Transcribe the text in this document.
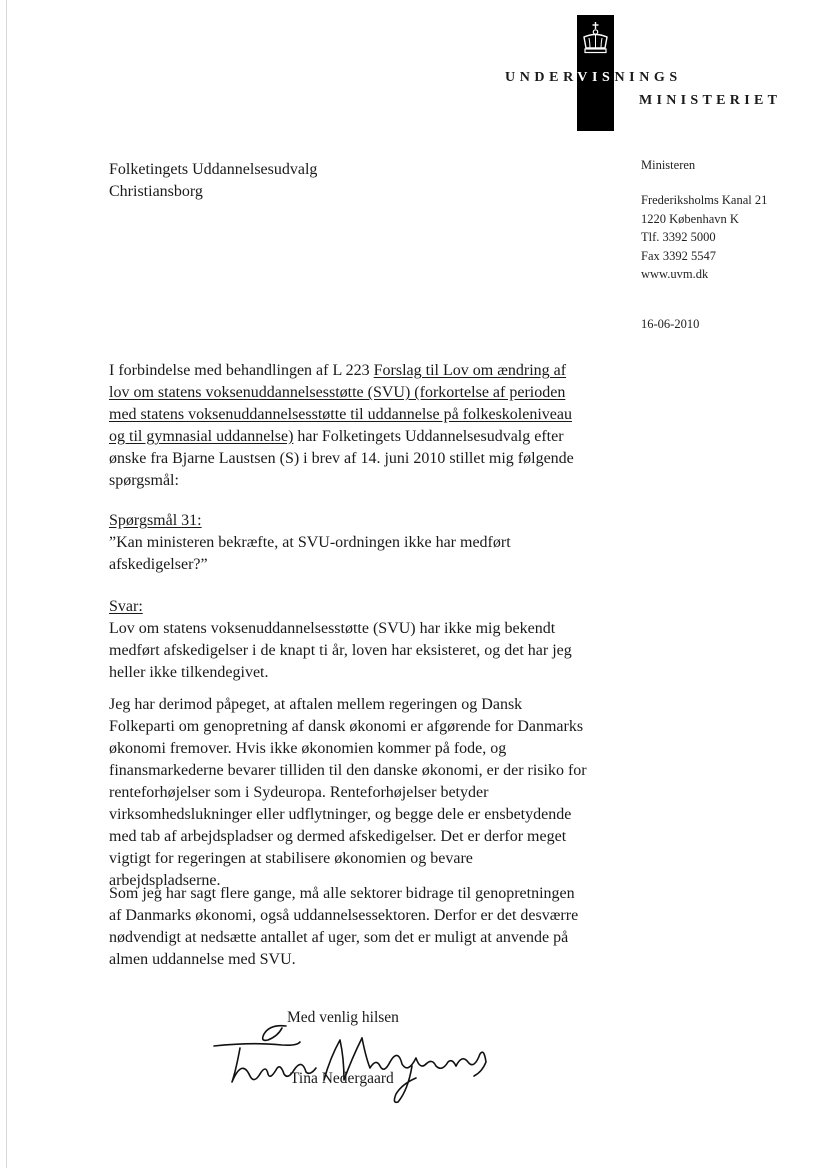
UNDERVISNINGS
MINISTERIET
Folketingets Uddannelsesudvalg
Christiansborg
Ministeren
Frederiksholms Kanal 21
1220 København K
Tlf. 3392 5000
Fax 3392 5547
www.uvm.dk
16-06-2010
I forbindelse med behandlingen af L 223 Forslag til Lov om ændring af lov om statens voksenuddannelsesstøtte (SVU) (forkortelse af perioden med statens voksenuddannelsesstøtte til uddannelse på folkeskoleniveau og til gymnasial uddannelse) har Folketingets Uddannelsesudvalg efter ønske fra Bjarne Laustsen (S) i brev af 14. juni 2010 stillet mig følgende spørgsmål:
Spørgsmål 31:
”Kan ministeren bekræfte, at SVU-ordningen ikke har medført afskedigelser?”
Svar:
Lov om statens voksenuddannelsesstøtte (SVU) har ikke mig bekendt medført afskedigelser i de knapt ti år, loven har eksisteret, og det har jeg heller ikke tilkendegivet.
Jeg har derimod påpeget, at aftalen mellem regeringen og Dansk Folkeparti om genopretning af dansk økonomi er afgørende for Danmarks økonomi fremover. Hvis ikke økonomien kommer på fode, og finansmarkederne bevarer tilliden til den danske økonomi, er der risiko for renteforhøjelser som i Sydeuropa. Renteforhøjelser betyder virksomhedslukninger eller udflytninger, og begge dele er ensbetydende med tab af arbejdspladser og dermed afskedigelser. Det er derfor meget vigtigt for regeringen at stabilisere økonomien og bevare arbejdspladserne.
Som jeg har sagt flere gange, må alle sektorer bidrage til genopretningen af Danmarks økonomi, også uddannelsessektoren. Derfor er det desværre nødvendigt at nedsætte antallet af uger, som det er muligt at anvende på almen uddannelse med SVU.
Med venlig hilsen
Tina Nedergaard
